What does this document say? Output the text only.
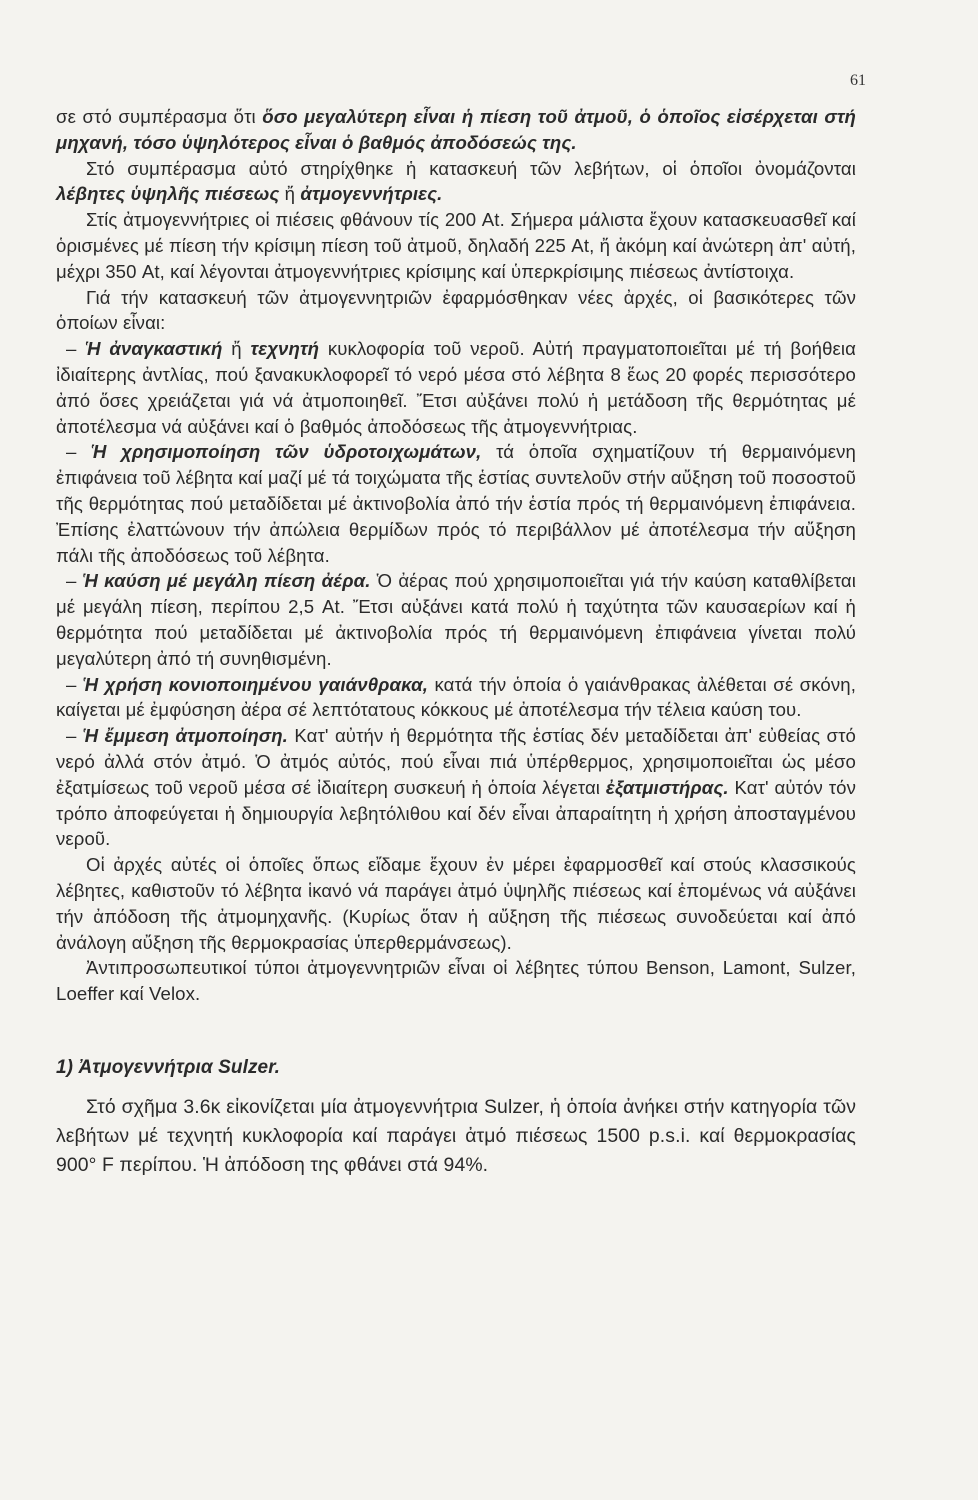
61

σε στό συμπέρασμα ὅτι ὅσο μεγαλύτερη εἶναι ἡ πίεση τοῦ ἀτμοῦ, ὁ ὁποῖος εἰσέρχεται στή μηχανή, τόσο ὑψηλότερος εἶναι ὁ βαθμός ἀποδόσεώς της.

Στό συμπέρασμα αὐτό στηρίχθηκε ἡ κατασκευή τῶν λεβήτων, οἱ ὁποῖοι ὀνομάζονται λέβητες ὑψηλῆς πιέσεως ἤ ἀτμογεννήτριες.

Στίς ἀτμογεννήτριες οἱ πιέσεις φθάνουν τίς 200 At. Σήμερα μάλιστα ἔχουν κατασκευασθεῖ καί ὁρισμένες μέ πίεση τήν κρίσιμη πίεση τοῦ ἀτμοῦ, δηλαδή 225 At, ἤ ἀκόμη καί ἀνώτερη ἀπ' αὐτή, μέχρι 350 At, καί λέγονται ἀτμογεννήτριες κρίσιμης καί ὑπερκρίσιμης πιέσεως ἀντίστοιχα.

Γιά τήν κατασκευή τῶν ἀτμογεννητριῶν ἐφαρμόσθηκαν νέες ἀρχές, οἱ βασικότερες τῶν ὁποίων εἶναι:

– Ἡ ἀναγκαστική ἤ τεχνητή κυκλοφορία τοῦ νεροῦ. Αὐτή πραγματοποιεῖται μέ τή βοήθεια ἰδιαίτερης ἀντλίας, πού ξανακυκλοφορεῖ τό νερό μέσα στό λέβητα 8 ἕως 20 φορές περισσότερο ἀπό ὅσες χρειάζεται γιά νά ἀτμοποιηθεῖ. Ἔτσι αὐξάνει πολύ ἡ μετάδοση τῆς θερμότητας μέ ἀποτέλεσμα νά αὐξάνει καί ὁ βαθμός ἀποδόσεως τῆς ἀτμογεννήτριας.

– Ἡ χρησιμοποίηση τῶν ὑδροτοιχωμάτων, τά ὁποῖα σχηματίζουν τή θερμαινόμενη ἐπιφάνεια τοῦ λέβητα καί μαζί μέ τά τοιχώματα τῆς ἑστίας συντελοῦν στήν αὔξηση τοῦ ποσοστοῦ τῆς θερμότητας πού μεταδίδεται μέ ἀκτινοβολία ἀπό τήν ἑστία πρός τή θερμαινόμενη ἐπιφάνεια. Ἐπίσης ἐλαττώνουν τήν ἀπώλεια θερμίδων πρός τό περιβάλλον μέ ἀποτέλεσμα τήν αὔξηση πάλι τῆς ἀποδόσεως τοῦ λέβητα.

– Ἡ καύση μέ μεγάλη πίεση ἀέρα. Ὁ ἀέρας πού χρησιμοποιεῖται γιά τήν καύση καταθλίβεται μέ μεγάλη πίεση, περίπου 2,5 At. Ἔτσι αὐξάνει κατά πολύ ἡ ταχύτητα τῶν καυσαερίων καί ἡ θερμότητα πού μεταδίδεται μέ ἀκτινοβολία πρός τή θερμαινόμενη ἐπιφάνεια γίνεται πολύ μεγαλύτερη ἀπό τή συνηθισμένη.

– Ἡ χρήση κονιοποιημένου γαιάνθρακα, κατά τήν ὁποία ὁ γαιάνθρακας ἀλέθεται σέ σκόνη, καίγεται μέ ἐμφύσηση ἀέρα σέ λεπτότατους κόκκους μέ ἀποτέλεσμα τήν τέλεια καύση του.

– Ἡ ἔμμεση ἀτμοποίηση. Κατ' αὐτήν ἡ θερμότητα τῆς ἑστίας δέν μεταδίδεται ἀπ' εὐθείας στό νερό ἀλλά στόν ἀτμό. Ὁ ἀτμός αὐτός, πού εἶναι πιά ὑπέρθερμος, χρησιμοποιεῖται ὡς μέσο ἐξατμίσεως τοῦ νεροῦ μέσα σέ ἰδιαίτερη συσκευή ἡ ὁποία λέγεται ἐξατμιστήρας. Κατ' αὐτόν τόν τρόπο ἀποφεύγεται ἡ δημιουργία λεβητόλιθου καί δέν εἶναι ἀπαραίτητη ἡ χρήση ἀποσταγμένου νεροῦ.

Οἱ ἀρχές αὐτές οἱ ὁποῖες ὅπως εἴδαμε ἔχουν ἐν μέρει ἐφαρμοσθεῖ καί στούς κλασσικούς λέβητες, καθιστοῦν τό λέβητα ἱκανό νά παράγει ἀτμό ὑψηλῆς πιέσεως καί ἑπομένως νά αὐξάνει τήν ἀπόδοση τῆς ἀτμομηχανῆς. (Κυρίως ὅταν ἡ αὔξηση τῆς πιέσεως συνοδεύεται καί ἀπό ἀνάλογη αὔξηση τῆς θερμοκρασίας ὑπερθερμάνσεως).

Ἀντιπροσωπευτικοί τύποι ἀτμογεννητριῶν εἶναι οἱ λέβητες τύπου Benson, Lamont, Sulzer, Loeffer καί Velox.

1) Ἀτμογεννήτρια Sulzer.

Στό σχῆμα 3.6κ εἰκονίζεται μία ἀτμογεννήτρια Sulzer, ἡ ὁποία ἀνήκει στήν κατηγορία τῶν λεβήτων μέ τεχνητή κυκλοφορία καί παράγει ἀτμό πιέσεως 1500 p.s.i. καί θερμοκρασίας 900° F περίπου. Ἡ ἀπόδοση της φθάνει στά 94%.
